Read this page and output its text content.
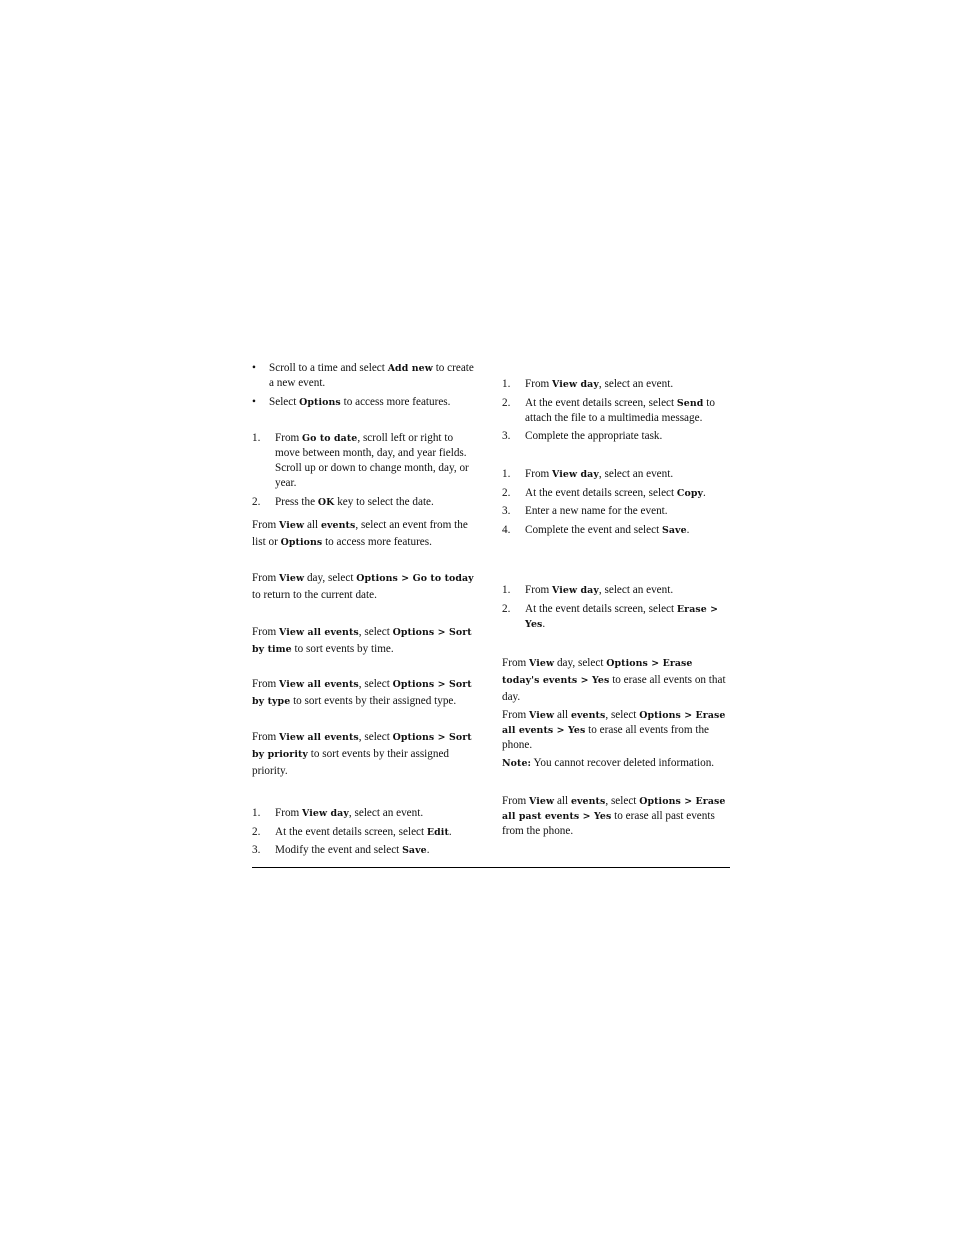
• Scroll to a time and select Add new to create a new event.
• Select Options to access more features.
1. From Go to date, scroll left or right to move between month, day, and year fields. Scroll up or down to change month, day, or year.
2. Press the OK key to select the date.
From View all events, select an event from the list or Options to access more features.
From View day, select Options > Go to today to return to the current date.
From View all events, select Options > Sort by time to sort events by time.
From View all events, select Options > Sort by type to sort events by their assigned type.
From View all events, select Options > Sort by priority to sort events by their assigned priority.
1. From View day, select an event.
2. At the event details screen, select Edit.
3. Modify the event and select Save.
1. From View day, select an event.
2. At the event details screen, select Send to attach the file to a multimedia message.
3. Complete the appropriate task.
1. From View day, select an event.
2. At the event details screen, select Copy.
3. Enter a new name for the event.
4. Complete the event and select Save.
1. From View day, select an event.
2. At the event details screen, select Erase > Yes.
From View day, select Options > Erase today's events > Yes to erase all events on that day.
From View all events, select Options > Erase all events > Yes to erase all events from the phone.
Note: You cannot recover deleted information.
From View all events, select Options > Erase all past events > Yes to erase all past events from the phone.
